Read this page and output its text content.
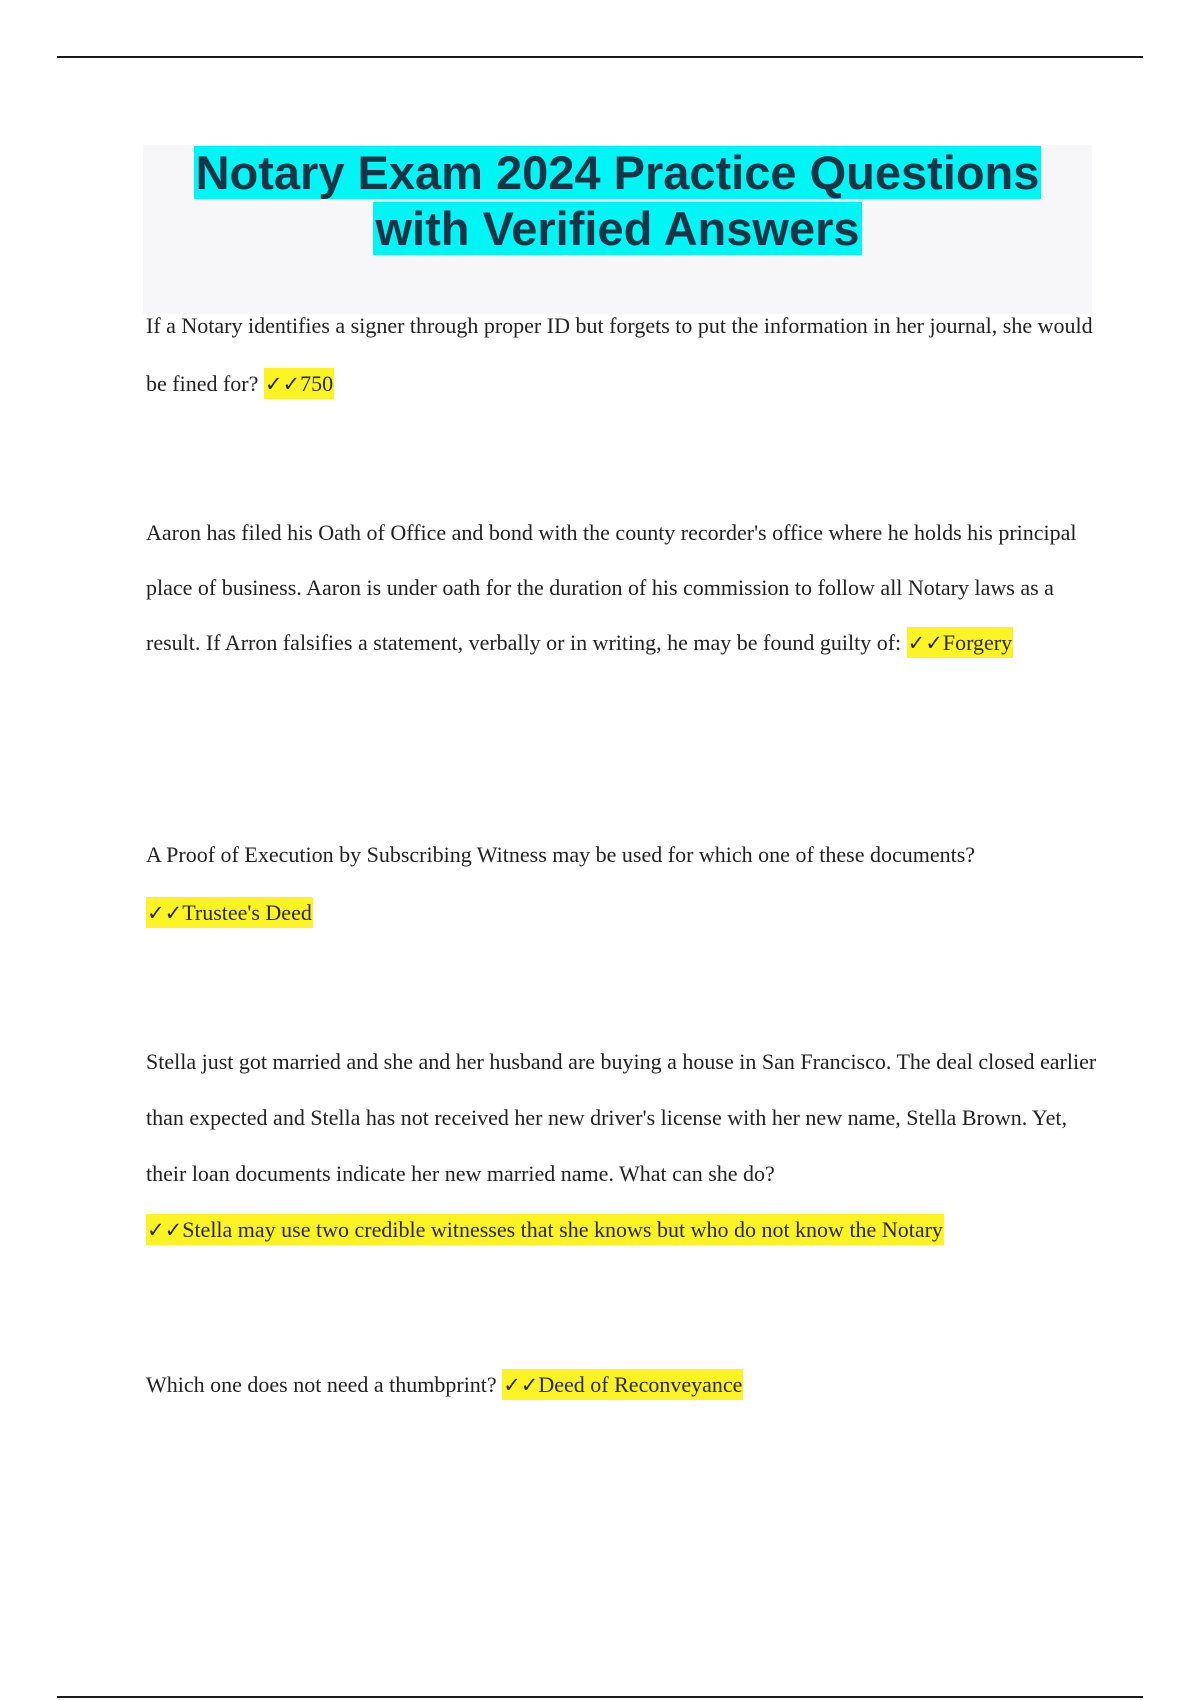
Notary Exam 2024 Practice Questions
with Verified Answers

If a Notary identifies a signer through proper ID but forgets to put the information in her journal, she would be fined for? ✓✓750

Aaron has filed his Oath of Office and bond with the county recorder's office where he holds his principal place of business. Aaron is under oath for the duration of his commission to follow all Notary laws as a result. If Arron falsifies a statement, verbally or in writing, he may be found guilty of: ✓✓Forgery

A Proof of Execution by Subscribing Witness may be used for which one of these documents?
✓✓Trustee's Deed

Stella just got married and she and her husband are buying a house in San Francisco. The deal closed earlier than expected and Stella has not received her new driver's license with her new name, Stella Brown. Yet, their loan documents indicate her new married name. What can she do?
✓✓Stella may use two credible witnesses that she knows but who do not know the Notary

Which one does not need a thumbprint? ✓✓Deed of Reconveyance
